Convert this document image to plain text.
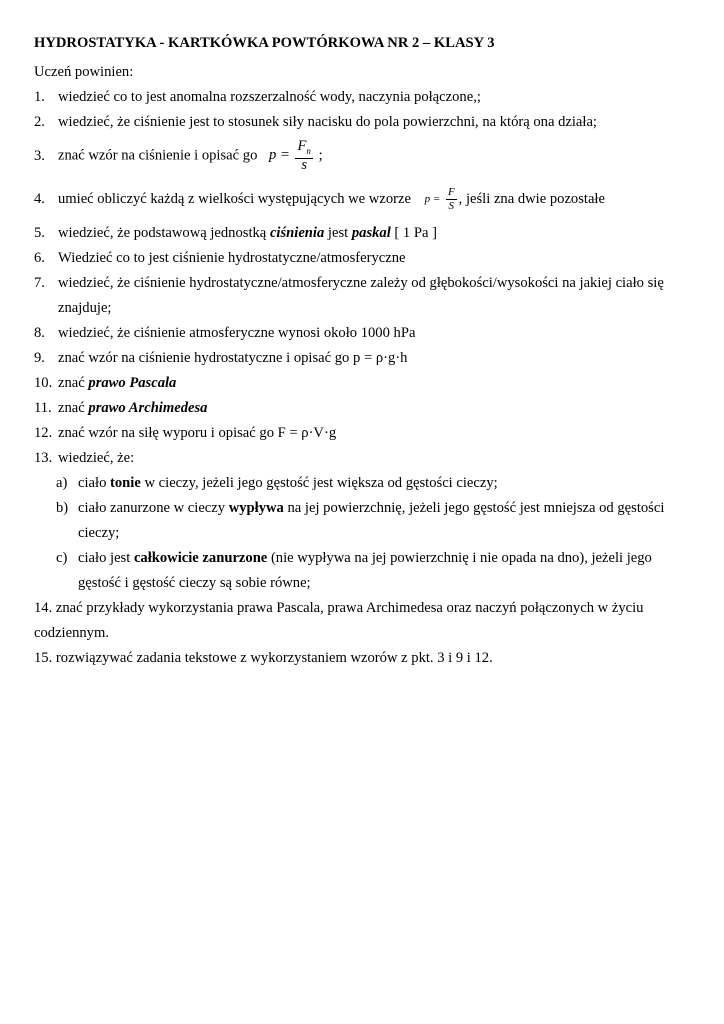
HYDROSTATYKA - KARTKÓWKA POWTÓRKOWA NR 2 – KLASY 3
Uczeń powinien:
1. wiedzieć co to jest anomalna rozszerzalność wody, naczynia połączone,;
2. wiedzieć, że ciśnienie jest to stosunek siły nacisku do pola powierzchni, na którą ona działa;
3. znać wzór na ciśnienie i opisać go $p = \frac{F_n}{s}$ ;
4. umieć obliczyć każdą z wielkości występujących we wzorze $p = \frac{F}{S}$ , jeśli zna dwie pozostałe
5. wiedzieć, że podstawową jednostką ciśnienia jest paskal [ 1 Pa ]
6. Wiedzieć co to jest ciśnienie hydrostatyczne/atmosferyczne
7. wiedzieć, że ciśnienie hydrostatyczne/atmosferyczne zależy od głębokości/wysokości na jakiej ciało się
znajduje;
8. wiedzieć, że ciśnienie atmosferyczne wynosi około 1000 hPa
9. znać wzór na ciśnienie hydrostatyczne i opisać go p = ρ·g·h
10. znać prawo Pascala
11. znać prawo Archimedesa
12. znać wzór na siłę wyporu i opisać go F = ρ·V·g
13. wiedzieć, że:
a) ciało tonie w cieczy, jeżeli jego gęstość jest większa od gęstości cieczy;
b) ciało zanurzone w cieczy wypływa na jej powierzchnię, jeżeli jego gęstość jest mniejsza od gęstości
cieczy;
c) ciało jest całkowicie zanurzone (nie wypływa na jej powierzchnię i nie opada na dno), jeżeli jego
gęstość i gęstość cieczy są sobie równe;
14. znać przykłady wykorzystania prawa Pascala, prawa Archimedesa oraz naczyń połączonych w życiu
codziennym.
15. rozwiązywać zadania tekstowe z wykorzystaniem wzorów z pkt. 3 i 9 i 12.
